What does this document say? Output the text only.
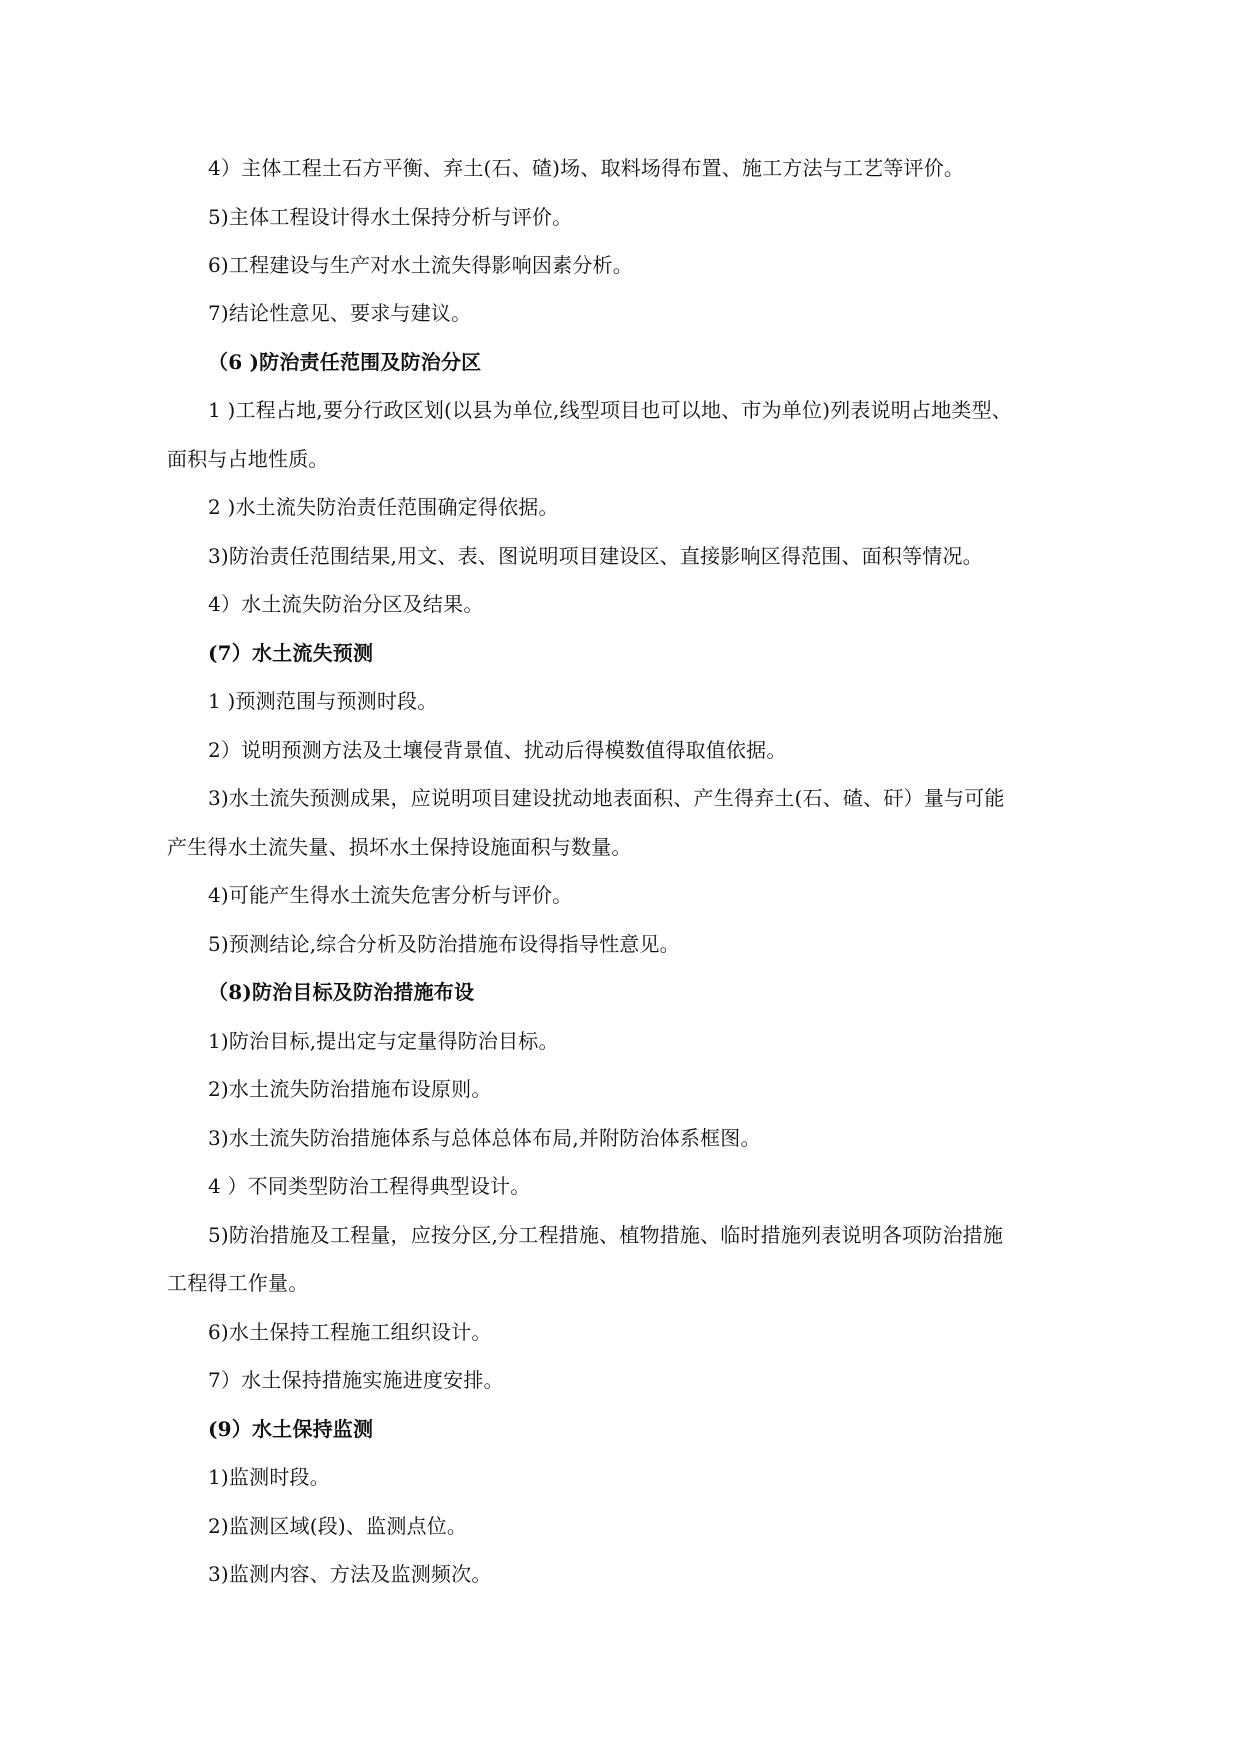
4）主体工程土石方平衡、弃土(石、碴)场、取料场得布置、施工方法与工艺等评价。
5)主体工程设计得水土保持分析与评价。
6)工程建设与生产对水土流失得影响因素分析。
7)结论性意见、要求与建议。
（6 )防治责任范围及防治分区
1 )工程占地,要分行政区划(以县为单位,线型项目也可以地、市为单位)列表说明占地类型、
面积与占地性质。
2 )水土流失防治责任范围确定得依据。
3)防治责任范围结果,用文、表、图说明项目建设区、直接影响区得范围、面积等情况。
4）水土流失防治分区及结果。
(7）水土流失预测
1 )预测范围与预测时段。
2）说明预测方法及土壤侵背景值、扰动后得模数值得取值依据。
3)水土流失预测成果，应说明项目建设扰动地表面积、产生得弃土(石、碴、矸）量与可能
产生得水土流失量、损坏水土保持设施面积与数量。
4)可能产生得水土流失危害分析与评价。
5)预测结论,综合分析及防治措施布设得指导性意见。
（8)防治目标及防治措施布设
1)防治目标,提出定与定量得防治目标。
2)水土流失防治措施布设原则。
3)水土流失防治措施体系与总体总体布局,并附防治体系框图。
4 ）不同类型防治工程得典型设计。
5)防治措施及工程量，应按分区,分工程措施、植物措施、临时措施列表说明各项防治措施
工程得工作量。
6)水土保持工程施工组织设计。
7）水土保持措施实施进度安排。
(9）水土保持监测
1)监测时段。
2)监测区域(段)、监测点位。
3)监测内容、方法及监测频次。
